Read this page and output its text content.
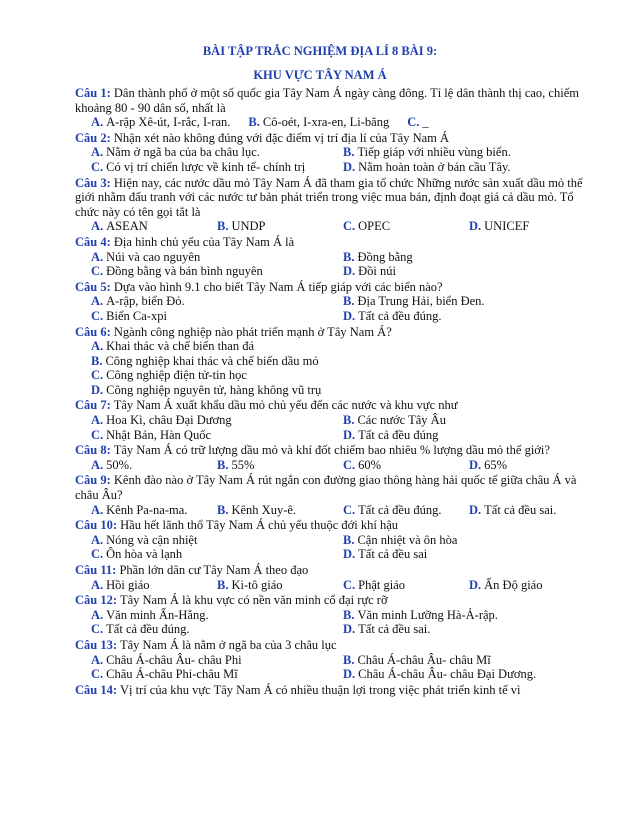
BÀI TẬP TRẮC NGHIỆM ĐỊA LÍ 8 BÀI 9:
KHU VỰC TÂY NAM Á
Câu 1: Dân thành phố ở một số quốc gia Tây Nam Á ngày càng đông. Tỉ lệ dân thành thị cao, chiếm khoảng 80 - 90 dân số, nhất là
A. A-rập Xê-út, I-rắc, I-ran. B. Cô-oét, I-xra-en, Li-băng C. _
Câu 2: Nhận xét nào không đúng với đặc điểm vị trí địa lí của Tây Nam Á
A. Nằm ở ngã ba của ba châu lục.	B. Tiếp giáp với nhiều vùng biển.
C. Có vị trí chiến lược về kinh tế- chính trị	D. Nằm hoàn toàn ở bán cầu Tây.
Câu 3: Hiện nay, các nước dầu mỏ Tây Nam Á đã tham gia tổ chức Những nước sản xuất dầu mỏ thế giới nhằm đấu tranh với các nước tư bản phát triển trong việc mua bán, định đoạt giá cả dầu mỏ. Tổ chức này có tên gọi tắt là
A. ASEAN	B. UNDP	C. OPEC	D. UNICEF
Câu 4: Địa hình chủ yếu của Tây Nam Á là
A. Núi và cao nguyên	B. Đồng bằng
C. Đồng bằng và bán bình nguyên	D. Đồi núi
Câu 5: Dựa vào hình 9.1 cho biết Tây Nam Á tiếp giáp với các biển nào?
A. A-rập, biển Đỏ.	B. Địa Trung Hải, biển Đen.
C. Biển Ca-xpi	D. Tất cả đều đúng.
Câu 6: Ngành công nghiệp nào phát triển mạnh ở Tây Nam Á?
A. Khai thác và chế biến than đá
B. Công nghiệp khai thác và chế biến dầu mỏ
C. Công nghiệp điện tử-tin học
D. Công nghiệp nguyên tử, hàng không vũ trụ
Câu 7: Tây Nam Á xuất khẩu dầu mỏ chủ yếu đến các nước và khu vực như
A. Hoa Kì, châu Đại Dương	B. Các nước Tây Âu
C. Nhật Bản, Hàn Quốc	D. Tất cả đều đúng
Câu 8: Tây Nam Á có trữ lượng dầu mỏ và khí đốt chiếm bao nhiêu % lượng dầu mỏ thế giới?
A. 50%.	B. 55%	C. 60%	D. 65%
Câu 9: Kênh đào nào ở Tây Nam Á rút ngắn con đường giao thông hàng hải quốc tế giữa châu Á và châu Âu?
A. Kênh Pa-na-ma.	B. Kênh Xuy-ê.	C. Tất cả đều đúng.	D. Tất cả đều sai.
Câu 10: Hầu hết lãnh thổ Tây Nam Á chủ yếu thuộc đới khí hậu
A. Nóng và cận nhiệt	B. Cận nhiệt và ôn hòa
C. Ôn hòa và lạnh	D. Tất cả đều sai
Câu 11: Phần lớn dân cư Tây Nam Á theo đạo
A. Hồi giáo	B. Ki-tô giáo	C. Phật giáo	D. Ấn Độ giáo
Câu 12: Tây Nam Á là khu vực có nền văn minh cổ đại rực rỡ
A. Văn minh Ấn-Hằng.	B. Văn minh Lưỡng Hà-Ả-rập.
C. Tất cả đều đúng.	D. Tất cả đều sai.
Câu 13: Tây Nam Á là nằm ở ngã ba của 3 châu lục
A. Châu Á-châu Âu- châu Phi	B. Châu Á-châu Âu- châu Mĩ
C. Châu Á-châu Phi-châu Mĩ	D. Châu Á-châu Âu- châu Đại Dương.
Câu 14: Vị trí của khu vực Tây Nam Á có nhiều thuận lợi trong việc phát triển kinh tế vì
